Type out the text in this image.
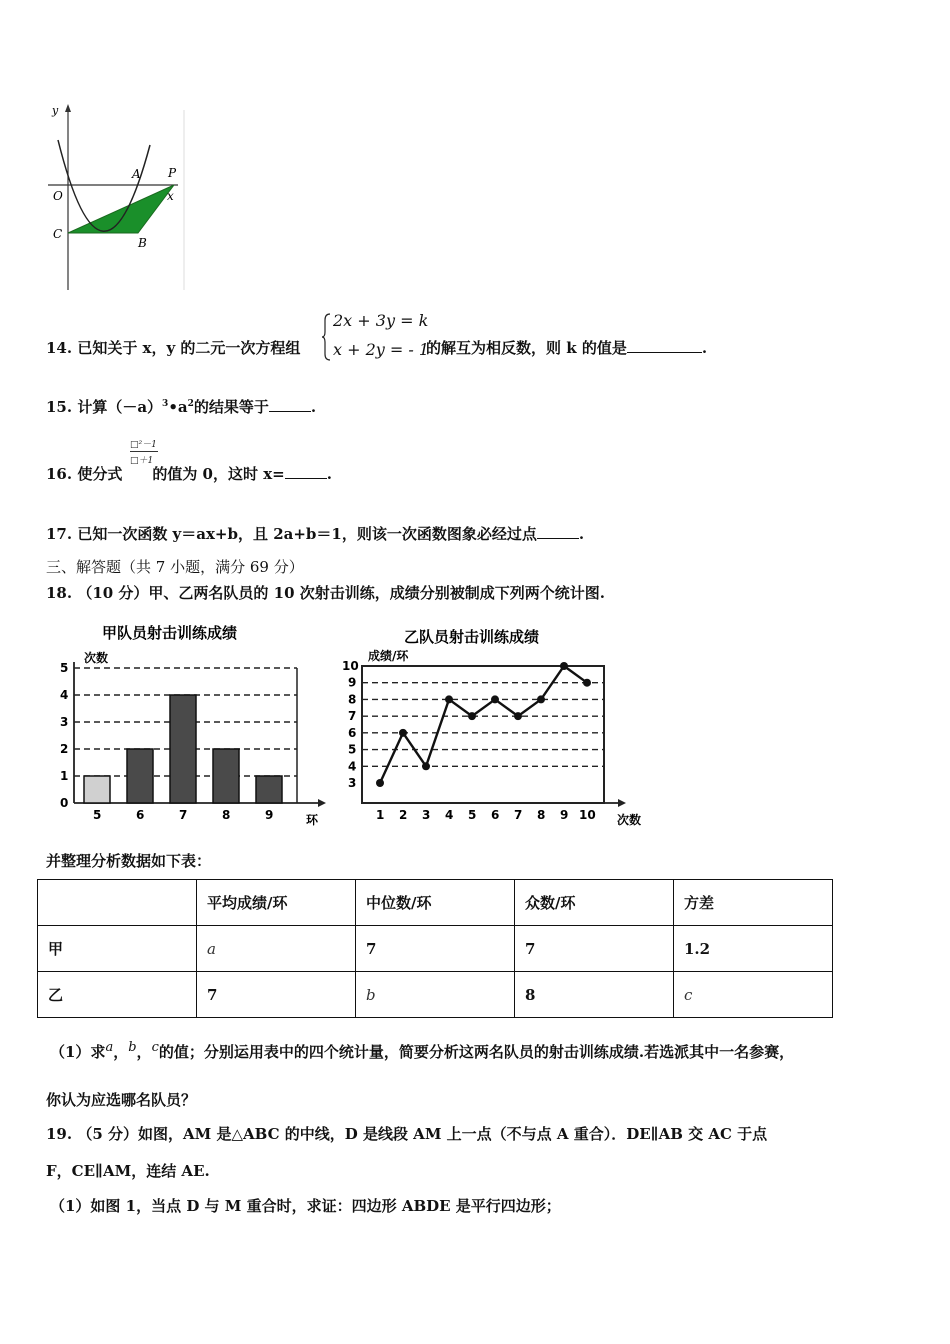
y
O
A P
x
C
B
14. 已知关于 x，y 的二元一次方程组
2x + 3y = k
x + 2y = - 1
的解互为相反数，则 k 的值是	.
15. 计算$(-a)^3•a^2$的结果等于	.
□²－1
□＋1
16. 使分式 的值为 0，这时 x=	.
17. 已知一次函数 y＝ax+b，且 2a+b＝1，则该一次函数图象必经过点	.
三、解答题（共 7 小题，满分 69 分）
18. （10 分）甲、乙两名队员的 10 次射击训练，成绩分别被制成下列两个统计图.
甲队员射击训练成绩
次数
0
1
2
3
4
5
5	6	7	8	9	环
乙队员射击训练成绩
成绩/环
3
4
5
6
7
8
9
10
1 2 3 4 5 6 7 8 9 10 次数
并整理分析数据如下表：
	平均成绩/环	中位数/环	众数/环	方差
甲	a	7	7	1.2
乙	7	b	8	c
（1）求$^a$，$^b$，$^c$的值；分别运用表中的四个统计量，简要分析这两名队员的射击训练成绩.若选派其中一名参赛，
你认为应选哪名队员？
19. （5 分）如图，AM 是△ABC 的中线，D 是线段 AM 上一点（不与点 A 重合）．DE∥AB 交 AC 于点
F，CE∥AM，连结 AE.
（1）如图 1，当点 D 与 M 重合时，求证：四边形 ABDE 是平行四边形；
